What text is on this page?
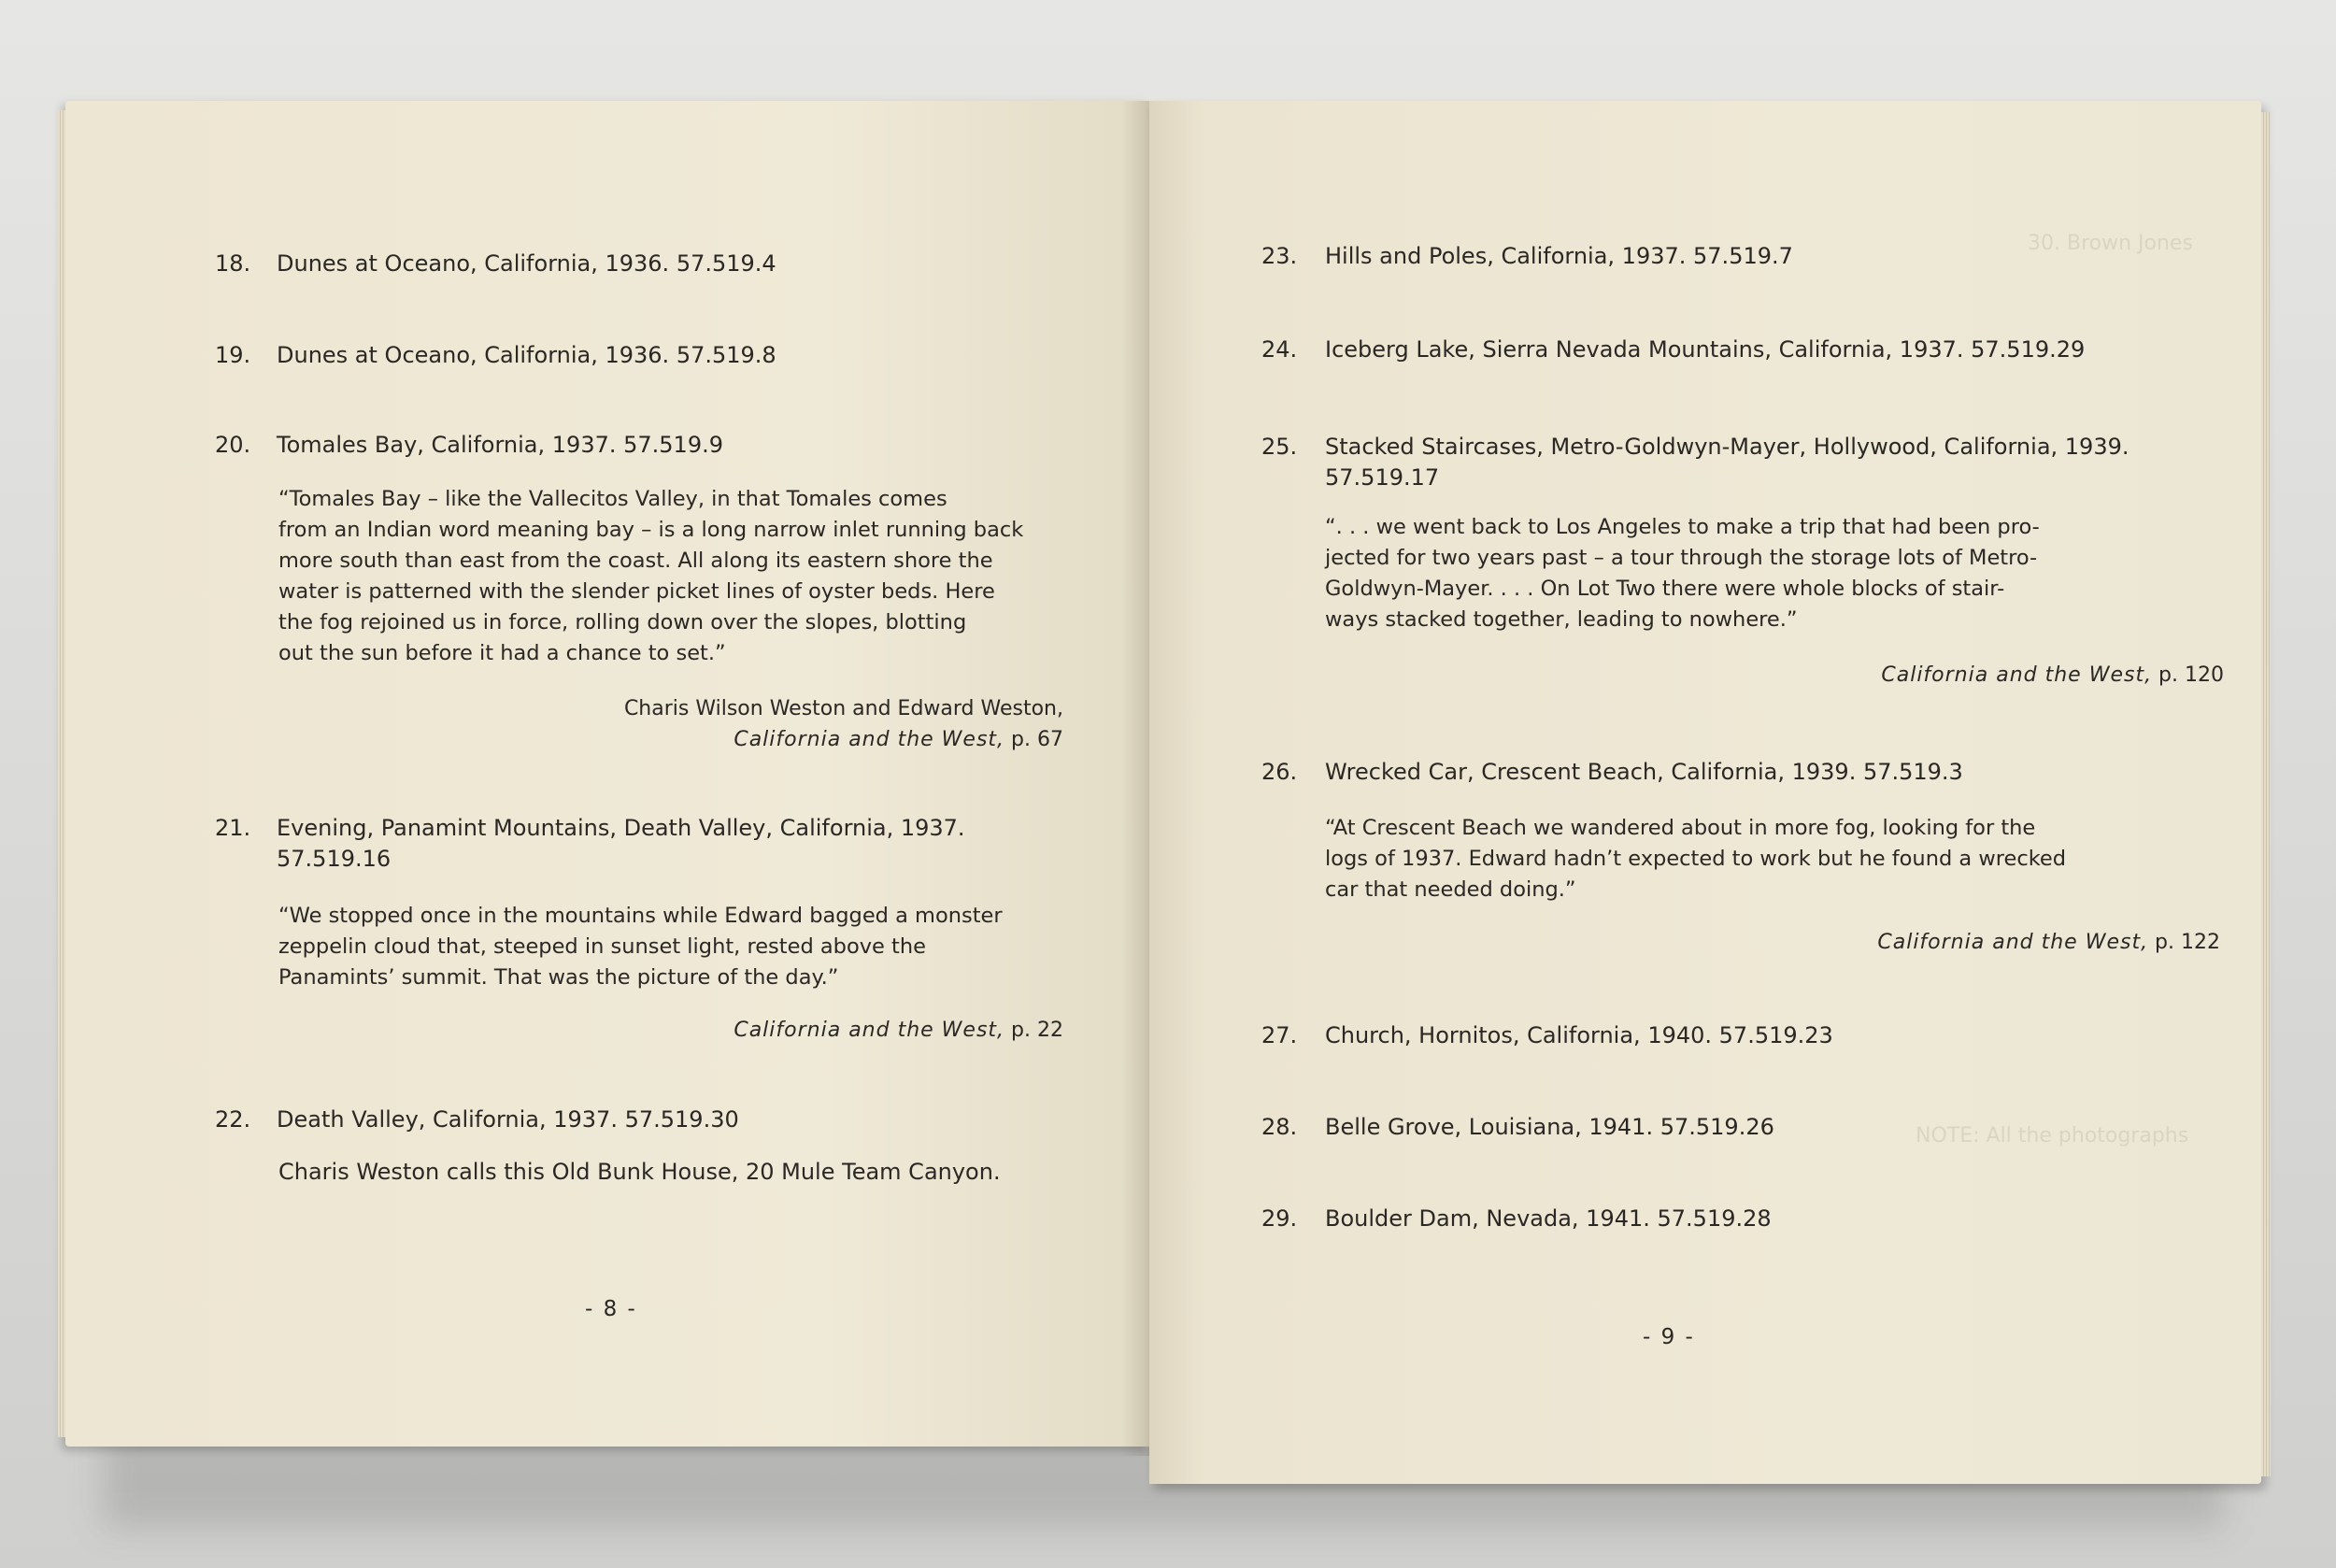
18. Dunes at Oceano, California, 1936. 57.519.4
19. Dunes at Oceano, California, 1936. 57.519.8
20. Tomales Bay, California, 1937. 57.519.9
“Tomales Bay – like the Vallecitos Valley, in that Tomales comes
from an Indian word meaning bay – is a long narrow inlet running back
more south than east from the coast. All along its eastern shore the
water is patterned with the slender picket lines of oyster beds. Here
the fog rejoined us in force, rolling down over the slopes, blotting
out the sun before it had a chance to set.”
Charis Wilson Weston and Edward Weston,
California and the West, p. 67
21. Evening, Panamint Mountains, Death Valley, California, 1937.
57.519.16
“We stopped once in the mountains while Edward bagged a monster
zeppelin cloud that, steeped in sunset light, rested above the
Panamints’ summit. That was the picture of the day.”
California and the West, p. 22
22. Death Valley, California, 1937. 57.519.30
Charis Weston calls this Old Bunk House, 20 Mule Team Canyon.
- 8 -
30. Brown Jones
23. Hills and Poles, California, 1937. 57.519.7
24. Iceberg Lake, Sierra Nevada Mountains, California, 1937. 57.519.29
25. Stacked Staircases, Metro-Goldwyn-Mayer, Hollywood, California, 1939.
57.519.17
“. . . we went back to Los Angeles to make a trip that had been pro-
jected for two years past – a tour through the storage lots of Metro-
Goldwyn-Mayer. . . . On Lot Two there were whole blocks of stair-
ways stacked together, leading to nowhere.”
California and the West, p. 120
26. Wrecked Car, Crescent Beach, California, 1939. 57.519.3
“At Crescent Beach we wandered about in more fog, looking for the
logs of 1937. Edward hadn’t expected to work but he found a wrecked
car that needed doing.”
California and the West, p. 122
27. Church, Hornitos, California, 1940. 57.519.23
NOTE: All the photographs
28. Belle Grove, Louisiana, 1941. 57.519.26
29. Boulder Dam, Nevada, 1941. 57.519.28
- 9 -
